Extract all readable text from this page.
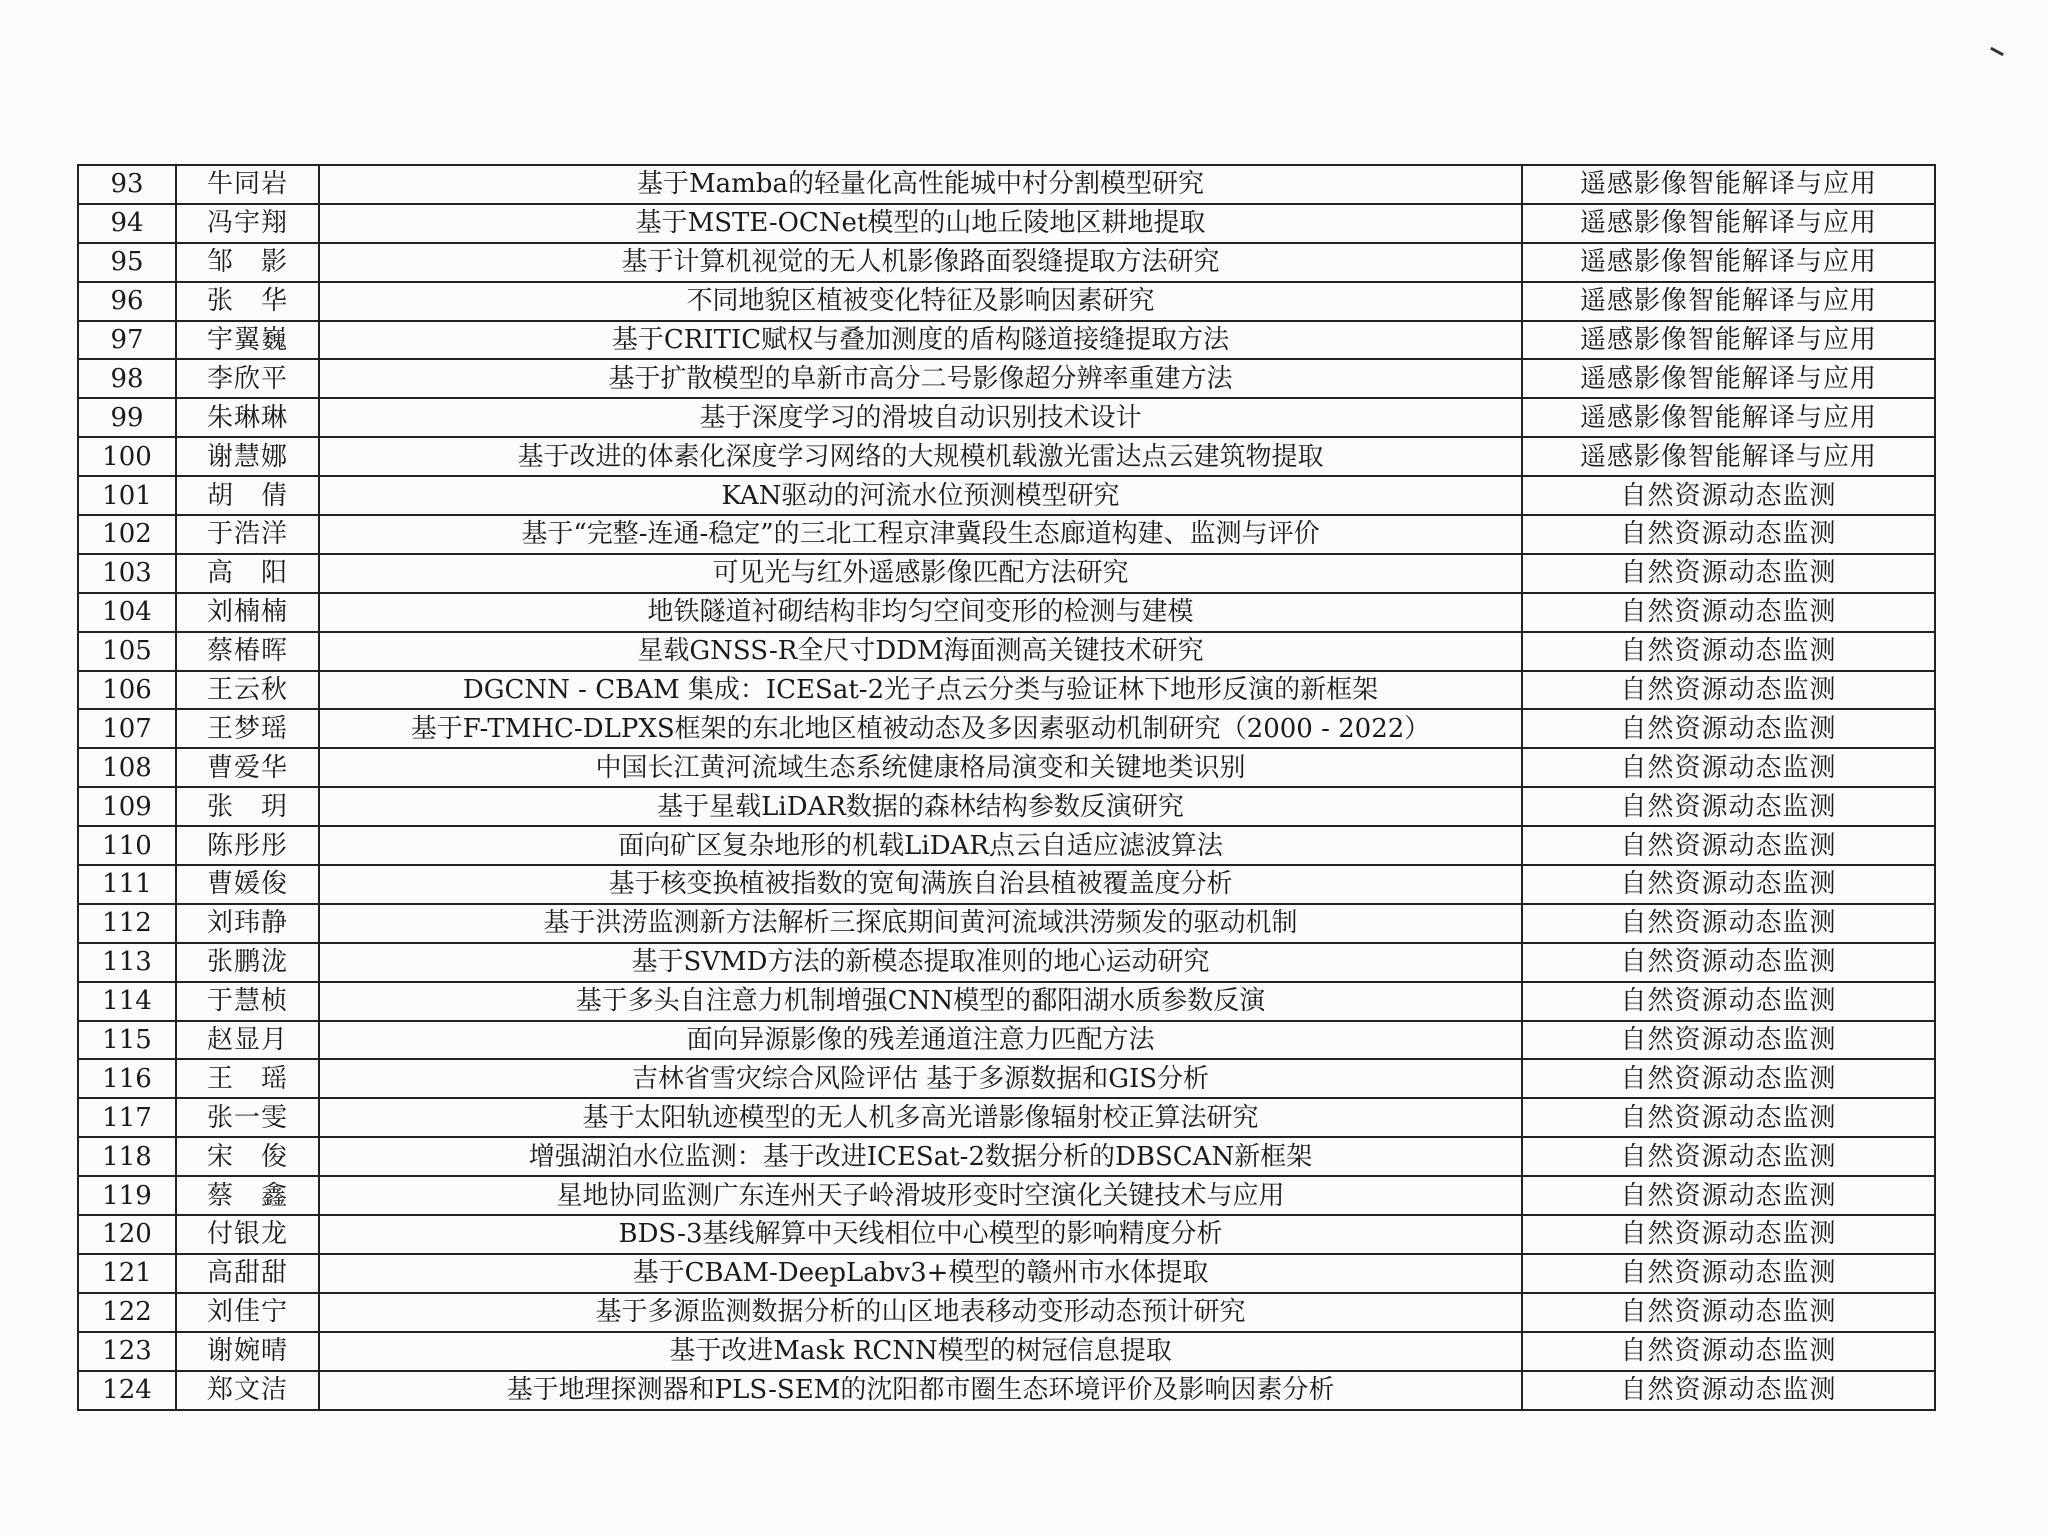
93	牛同岩	基于Mamba的轻量化高性能城中村分割模型研究	遥感影像智能解译与应用
94	冯宇翔	基于MSTE-OCNet模型的山地丘陵地区耕地提取	遥感影像智能解译与应用
95	邹　影	基于计算机视觉的无人机影像路面裂缝提取方法研究	遥感影像智能解译与应用
96	张　华	不同地貌区植被变化特征及影响因素研究	遥感影像智能解译与应用
97	宇翼巍	基于CRITIC赋权与叠加测度的盾构隧道接缝提取方法	遥感影像智能解译与应用
98	李欣平	基于扩散模型的阜新市高分二号影像超分辨率重建方法	遥感影像智能解译与应用
99	朱琳琳	基于深度学习的滑坡自动识别技术设计	遥感影像智能解译与应用
100	谢慧娜	基于改进的体素化深度学习网络的大规模机载激光雷达点云建筑物提取	遥感影像智能解译与应用
101	胡　倩	KAN驱动的河流水位预测模型研究	自然资源动态监测
102	于浩洋	基于“完整-连通-稳定”的三北工程京津冀段生态廊道构建、监测与评价	自然资源动态监测
103	高　阳	可见光与红外遥感影像匹配方法研究	自然资源动态监测
104	刘楠楠	地铁隧道衬砌结构非均匀空间变形的检测与建模	自然资源动态监测
105	蔡椿晖	星载GNSS-R全尺寸DDM海面测高关键技术研究	自然资源动态监测
106	王云秋	DGCNN - CBAM 集成：ICESat-2光子点云分类与验证林下地形反演的新框架	自然资源动态监测
107	王梦瑶	基于F-TMHC-DLPXS框架的东北地区植被动态及多因素驱动机制研究（2000 - 2022）	自然资源动态监测
108	曹爱华	中国长江黄河流域生态系统健康格局演变和关键地类识别	自然资源动态监测
109	张　玥	基于星载LiDAR数据的森林结构参数反演研究	自然资源动态监测
110	陈彤彤	面向矿区复杂地形的机载LiDAR点云自适应滤波算法	自然资源动态监测
111	曹媛俊	基于核变换植被指数的宽甸满族自治县植被覆盖度分析	自然资源动态监测
112	刘玮静	基于洪涝监测新方法解析三探底期间黄河流域洪涝频发的驱动机制	自然资源动态监测
113	张鹏泷	基于SVMD方法的新模态提取准则的地心运动研究	自然资源动态监测
114	于慧桢	基于多头自注意力机制增强CNN模型的鄱阳湖水质参数反演	自然资源动态监测
115	赵显月	面向异源影像的残差通道注意力匹配方法	自然资源动态监测
116	王　瑶	吉林省雪灾综合风险评估 基于多源数据和GIS分析	自然资源动态监测
117	张一雯	基于太阳轨迹模型的无人机多高光谱影像辐射校正算法研究	自然资源动态监测
118	宋　俊	增强湖泊水位监测：基于改进ICESat-2数据分析的DBSCAN新框架	自然资源动态监测
119	蔡　鑫	星地协同监测广东连州天子岭滑坡形变时空演化关键技术与应用	自然资源动态监测
120	付银龙	BDS-3基线解算中天线相位中心模型的影响精度分析	自然资源动态监测
121	高甜甜	基于CBAM-DeepLabv3+模型的赣州市水体提取	自然资源动态监测
122	刘佳宁	基于多源监测数据分析的山区地表移动变形动态预计研究	自然资源动态监测
123	谢婉晴	基于改进Mask RCNN模型的树冠信息提取	自然资源动态监测
124	郑文洁	基于地理探测器和PLS-SEM的沈阳都市圈生态环境评价及影响因素分析	自然资源动态监测
